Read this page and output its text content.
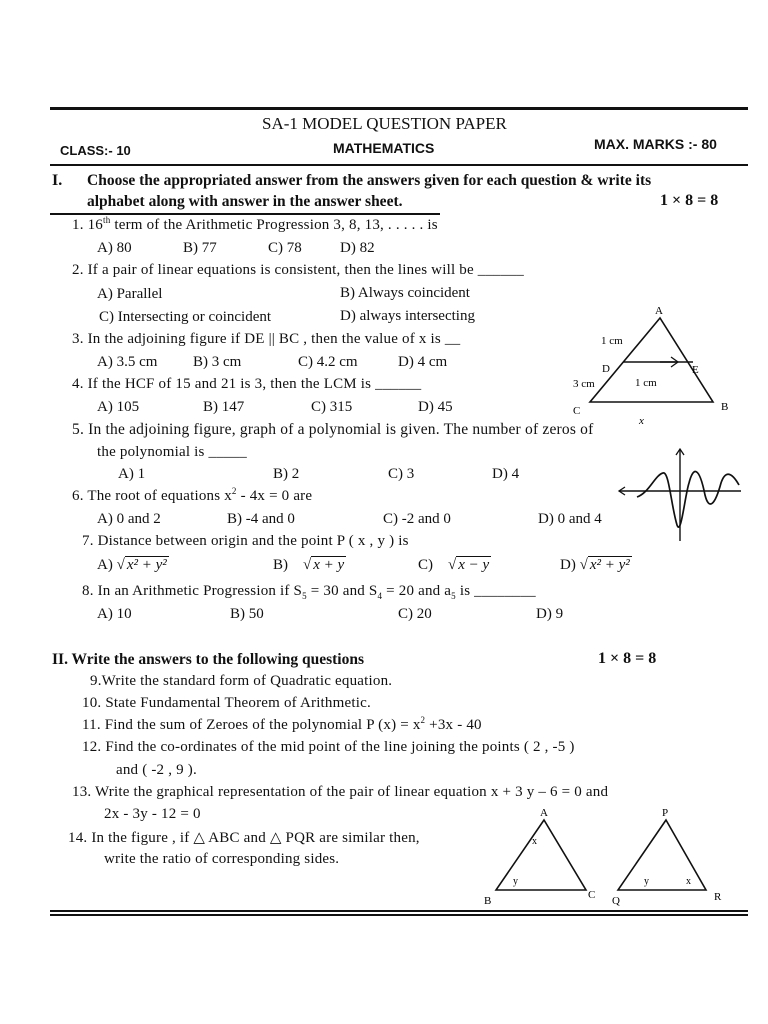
SA-1 MODEL QUESTION PAPER
CLASS:- 10	MATHEMATICS	MAX. MARKS :- 80
I. Choose the appropriated answer from the answers given for each question & write its
alphabet along with answer in the answer sheet.	1 × 8 = 8
1. 16th term of the Arithmetic Progression 3, 8, 13, . . . . . is
A) 80	B) 77	C) 78	D) 82
2. If a pair of linear equations is consistent, then the lines will be ______
A) Parallel	B) Always coincident
C) Intersecting or coincident	D) always intersecting
3. In the adjoining figure if DE || BC , then the value of x is __
A) 3.5 cm B) 3 cm	C) 4.2 cm	D) 4 cm
A
D	E
C	B
x
1 cm
1 cm
3 cm
4. If the HCF of 15 and 21 is 3, then the LCM is ______
A) 105	B) 147	C) 315	D) 45
5. In the adjoining figure, graph of a polynomial is given. The number of zeros of
the polynomial is _____
A) 1	B) 2	C) 3	D) 4
6. The root of equations $x^2 - 4x = 0$ are
A) 0 and 2	B) -4 and 0	C) -2 and 0	D) 0 and 4
7. Distance between origin and the point P ( x , y ) is
A) √ x² + y²	B) √ x + y	C) √ x − y	D) √ x² + y²
8. In an Arithmetic Progression if $S_5 = 30$ and $S_4 = 20$ and $a_5$ is ________
A) 10	B) 50	C) 20	D) 9
II. Write the answers to the following questions	1 × 8 = 8
9.Write the standard form of Quadratic equation.
10. State Fundamental Theorem of Arithmetic.
11. Find the sum of Zeroes of the polynomial P $(x) = x^2 +3x - 40$
12. Find the co-ordinates of the mid point of the line joining the points ( 2 , -5 )
and ( -2 , 9 ).
13. Write the graphical representation of the pair of linear equation x + 3 y – 6 = 0 and
2x - 3y - 12 = 0
14. In the figure , if △ ABC and △ PQR are similar then,
write the ratio of corresponding sides.
A
B	C
x
y
P
Q	R
x
y
